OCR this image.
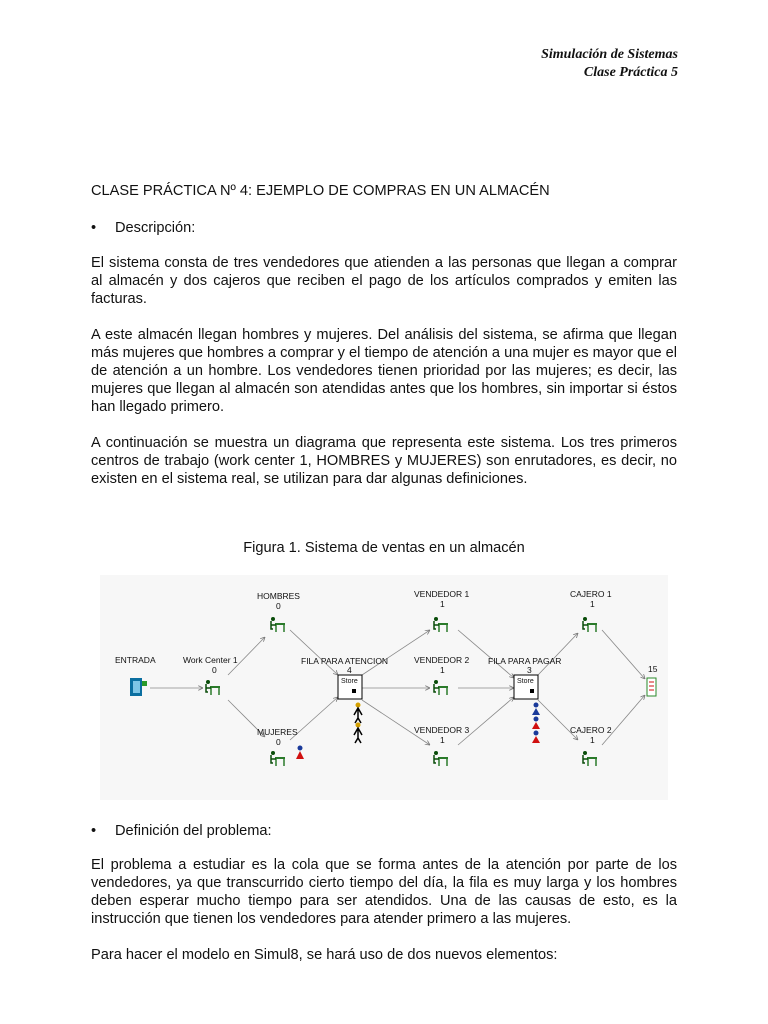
Simulación de Sistemas
Clase Práctica 5
CLASE PRÁCTICA Nº 4: EJEMPLO DE COMPRAS EN UN ALMACÉN
• Descripción:
El sistema consta de tres vendedores que atienden a las personas que llegan a comprar al almacén y dos cajeros que reciben el pago de los artículos comprados y emiten las facturas.
A este almacén llegan hombres y mujeres. Del análisis del sistema, se afirma que llegan más mujeres que hombres a comprar y el tiempo de atención a una mujer es mayor que el de atención a un hombre. Los vendedores tienen prioridad por las mujeres; es decir, las mujeres que llegan al almacén son atendidas antes que los hombres, sin importar si éstos han llegado primero.
A continuación se muestra un diagrama que representa este sistema. Los tres primeros centros de trabajo (work center 1, HOMBRES y MUJERES) son enrutadores, es decir, no existen en el sistema real, se utilizan para dar algunas definiciones.
Figura 1. Sistema de ventas en un almacén
ENTRADA	Work Center 1
0
HOMBRES
0
MUJERES
0
FILA PARA ATENCION
4
Store
VENDEDOR 1
1
VENDEDOR 2
1
VENDEDOR 3
1
FILA PARA PAGAR
3
Store
CAJERO 1
1
CAJERO 2
1
15
• Definición del problema:
El problema a estudiar es la cola que se forma antes de la atención por parte de los vendedores, ya que transcurrido cierto tiempo del día, la fila es muy larga y los hombres deben esperar mucho tiempo para ser atendidos. Una de las causas de esto, es la instrucción que tienen los vendedores para atender primero a las mujeres.
Para hacer el modelo en Simul8, se hará uso de dos nuevos elementos:
